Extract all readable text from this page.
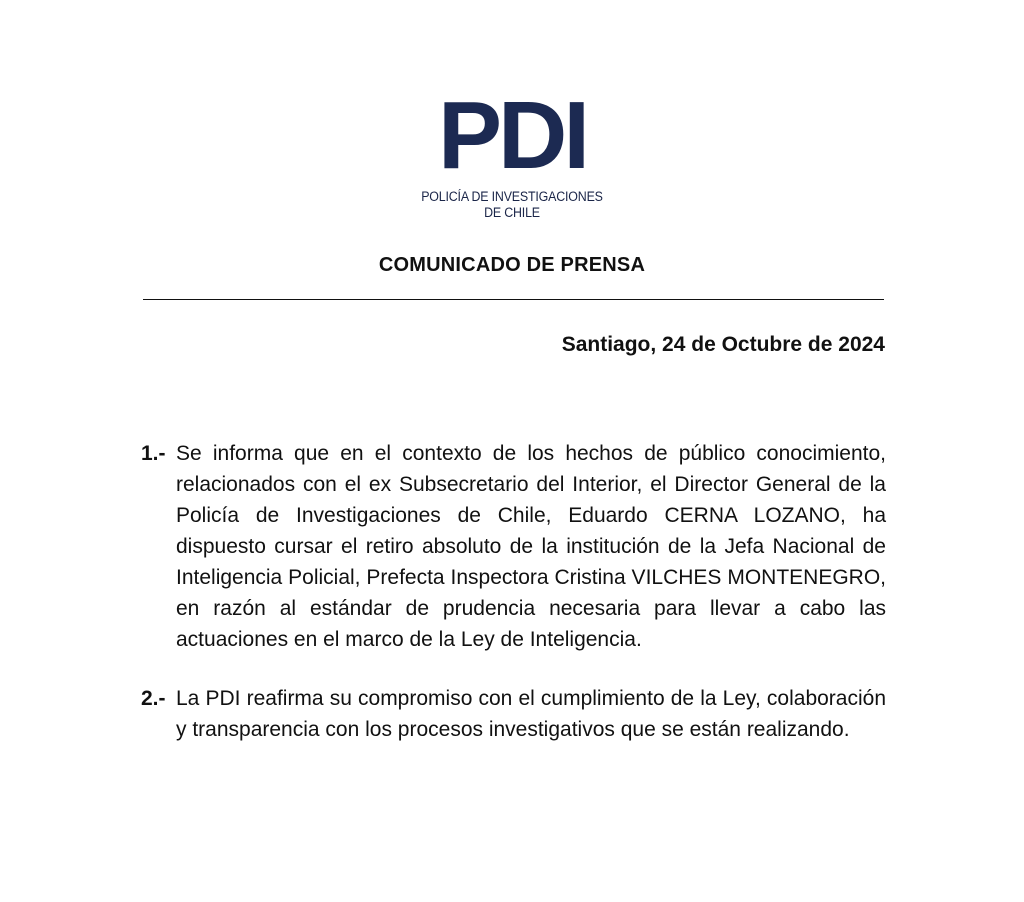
PDI
POLICÍA DE INVESTIGACIONES
DE CHILE
COMUNICADO DE PRENSA
Santiago, 24 de Octubre de 2024
1.- Se informa que en el contexto de los hechos de público conocimiento, relacionados con el ex Subsecretario del Interior, el Director General de la Policía de Investigaciones de Chile, Eduardo CERNA LOZANO, ha dispuesto cursar el retiro absoluto de la institución de la Jefa Nacional de Inteligencia Policial, Prefecta Inspectora Cristina VILCHES MONTENEGRO, en razón al estándar de prudencia necesaria para llevar a cabo las actuaciones en el marco de la Ley de Inteligencia.
2.- La PDI reafirma su compromiso con el cumplimiento de la Ley, colaboración y transparencia con los procesos investigativos que se están realizando.
